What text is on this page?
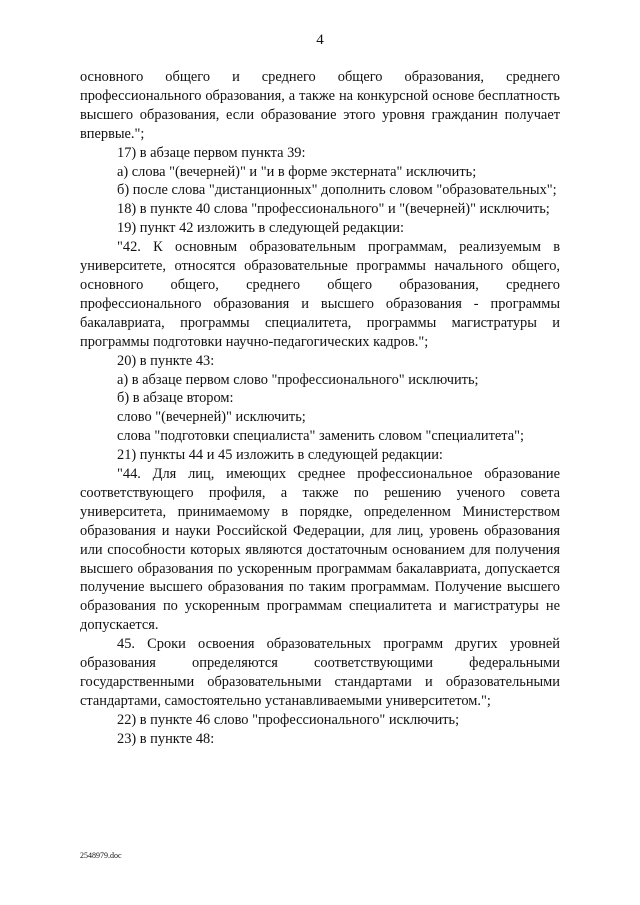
4

основного общего и среднего общего образования, среднего профессионального образования, а также на конкурсной основе бесплатность высшего образования, если образование этого уровня гражданин получает впервые.";

17) в абзаце первом пункта 39:

а) слова "(вечерней)" и "и в форме экстерната" исключить;

б) после слова "дистанционных" дополнить словом "образовательных";

18) в пункте 40 слова "профессионального" и "(вечерней)" исключить;

19) пункт 42 изложить в следующей редакции:

"42. К основным образовательным программам, реализуемым в университете, относятся образовательные программы начального общего, основного общего, среднего общего образования, среднего профессионального образования и высшего образования - программы бакалавриата, программы специалитета, программы магистратуры и программы подготовки научно-педагогических кадров.";

20) в пункте 43:

а) в абзаце первом слово "профессионального" исключить;

б) в абзаце втором:

слово "(вечерней)" исключить;

слова "подготовки специалиста" заменить словом "специалитета";

21) пункты 44 и 45 изложить в следующей редакции:

"44. Для лиц, имеющих среднее профессиональное образование соответствующего профиля, а также по решению ученого совета университета, принимаемому в порядке, определенном Министерством образования и науки Российской Федерации, для лиц, уровень образования или способности которых являются достаточным основанием для получения высшего образования по ускоренным программам бакалавриата, допускается получение высшего образования по таким программам. Получение высшего образования по ускоренным программам специалитета и магистратуры не допускается.

45. Сроки освоения образовательных программ других уровней образования определяются соответствующими федеральными государственными образовательными стандартами и образовательными стандартами, самостоятельно устанавливаемыми университетом.";

22) в пункте 46 слово "профессионального" исключить;

23) в пункте 48:

2548979.doc
